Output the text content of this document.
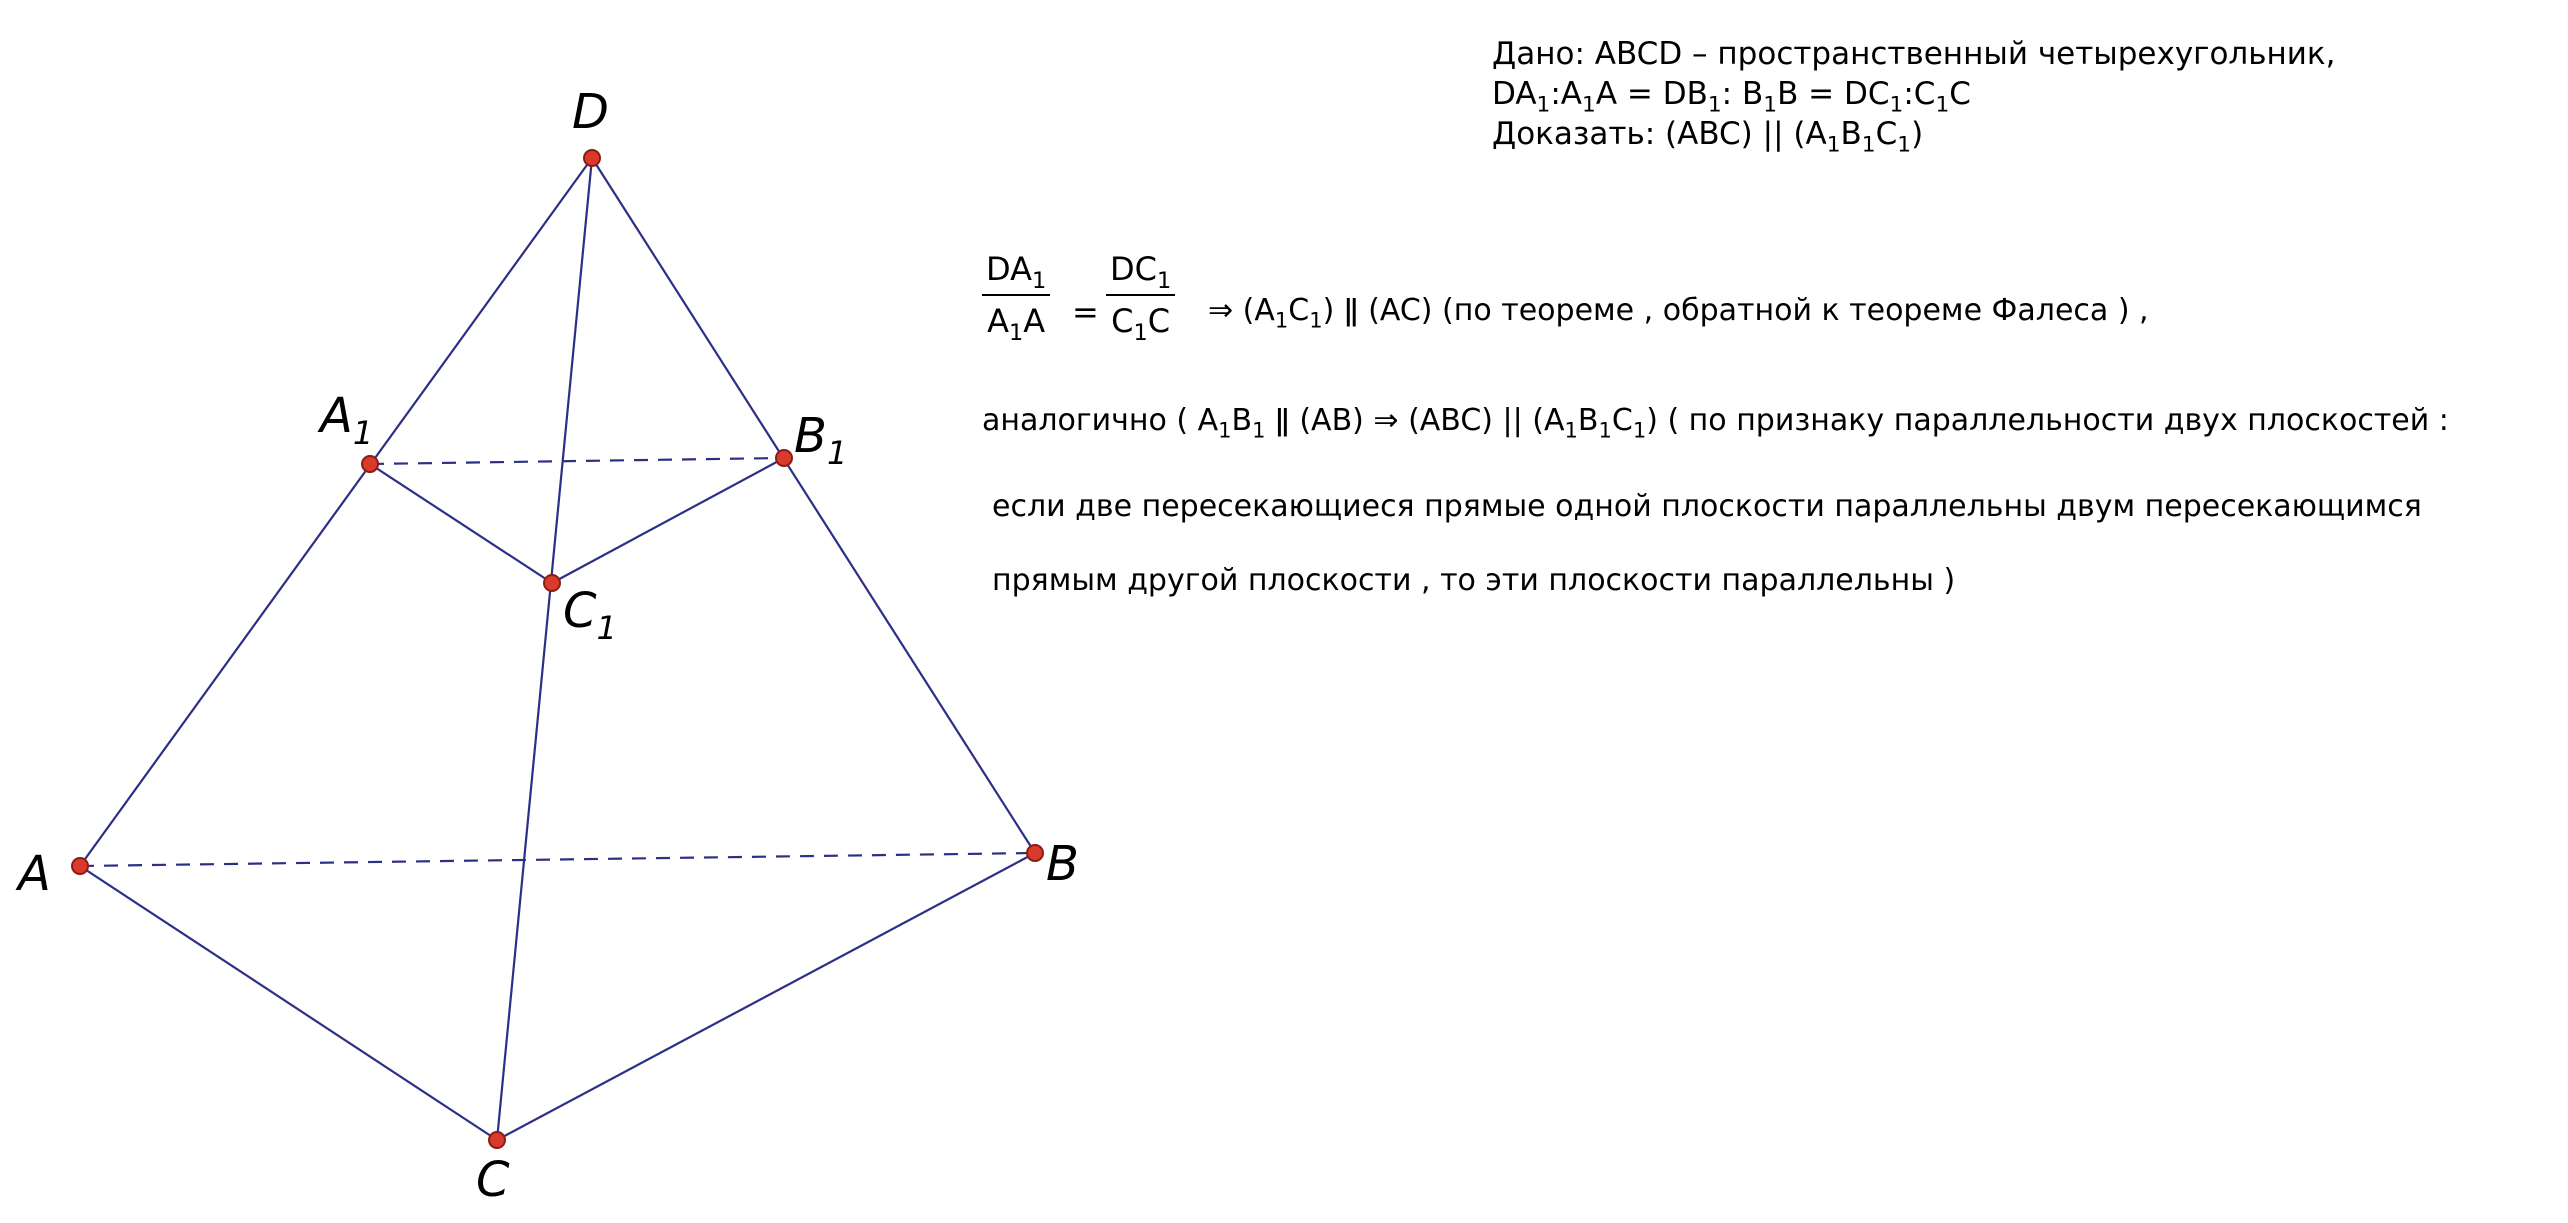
D
$A_1$	$B_1$
$C_1$
A	B
C
Дано: ABCD – пространственный четырехугольник,
$DA_1:A_1A = DB_1$: $B_1B$ = $DC_1:C_1C$
Доказать: (ABC) || $(A_1B_1C_1)$
$DA_1$
$A_1A$ =
$DC_1$
$C_1C$ ⇒ $(A_1C_1)$ ǁ (AC) (по теореме , обратной к теореме Фалеса ) ,
аналогично ( $A_1B_1$ ǁ (AB) ⇒ (ABC) || $(A_1B_1C_1)$ ( по признаку параллельности двух плоскостей :
если две пересекающиеся прямые одной плоскости параллельны двум пересекающимся
прямым другой плоскости , то эти плоскости параллельны )
